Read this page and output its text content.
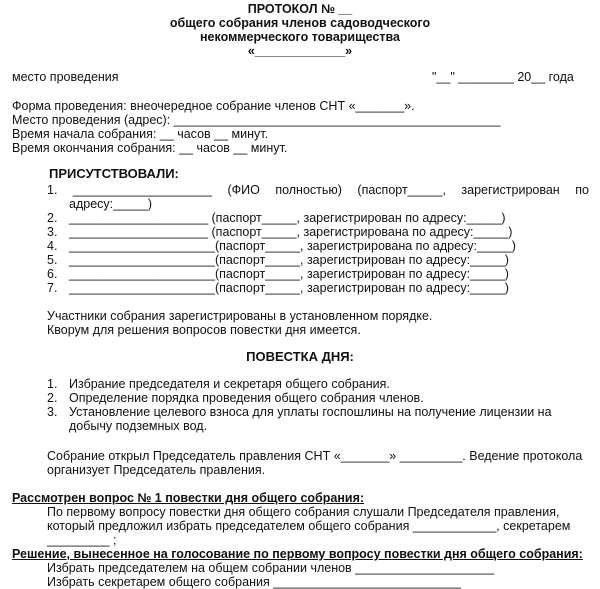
ПРОТОКОЛ № __
общего собрания членов садоводческого
некоммерческого товарищества
«_____________»
место проведения	"__" ________ 20__ года
Форма проведения: внеочередное собрание членов СНТ «_______».
Место проведения (адрес): _______________________________________________
Время начала собрания: __ часов __ минут.
Время окончания собрания: __ часов __ минут.
ПРИСУТСТВОВАЛИ:
1. ____________________ (ФИО полностью) (паспорт_____, зарегистрирован по
адресу:_____)
2. ____________________ (паспорт_____, зарегистрирован по адресу:_____)
3. ____________________ (паспорт_____, зарегистрирована по адресу:_____)
4. _____________________(паспорт_____, зарегистрирована по адресу:_____)
5. _____________________(паспорт_____, зарегистрирован по адресу:_____)
6. _____________________(паспорт_____, зарегистрирован по адресу:_____)
7. _____________________(паспорт_____, зарегистрирован по адресу:_____)
Участники собрания зарегистрированы в установленном порядке.
Кворум для решения вопросов повестки дня имеется.
ПОВЕСТКА ДНЯ:
1. Избрание председателя и секретаря общего собрания.
2. Определение порядка проведения общего собрания членов.
3. Установление целевого взноса для уплаты госпошлины на получение лицензии на
добычу подземных вод.
Собрание открыл Председатель правления СНТ «_______» _________. Ведение протокола
организует Председатель правления.
Рассмотрен вопрос № 1 повестки дня общего собрания:
По первому вопросу повестки дня общего собрания слушали Председателя правления,
который предложил избрать председателем общего собрания ____________, секретарем
_________ ;
Решение, вынесенное на голосование по первому вопросу повестки дня общего собрания:
Избрать председателем на общем собрании членов ____________________
Избрать секретарем общего собрания ___________________________
